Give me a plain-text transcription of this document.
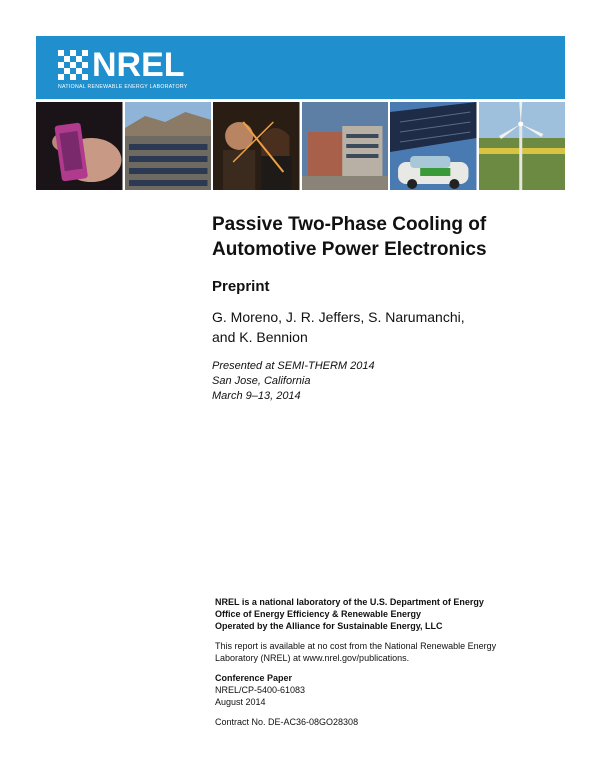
NREL
NATIONAL RENEWABLE ENERGY LABORATORY
Passive Two-Phase Cooling of
Automotive Power Electronics
Preprint
G. Moreno, J. R. Jeffers, S. Narumanchi,
and K. Bennion
Presented at SEMI-THERM 2014
San Jose, California
March 9–13, 2014
NREL is a national laboratory of the U.S. Department of Energy
Office of Energy Efficiency & Renewable Energy
Operated by the Alliance for Sustainable Energy, LLC
This report is available at no cost from the National Renewable Energy
Laboratory (NREL) at www.nrel.gov/publications.
Conference Paper
NREL/CP-5400-61083
August 2014
Contract No. DE-AC36-08GO28308
